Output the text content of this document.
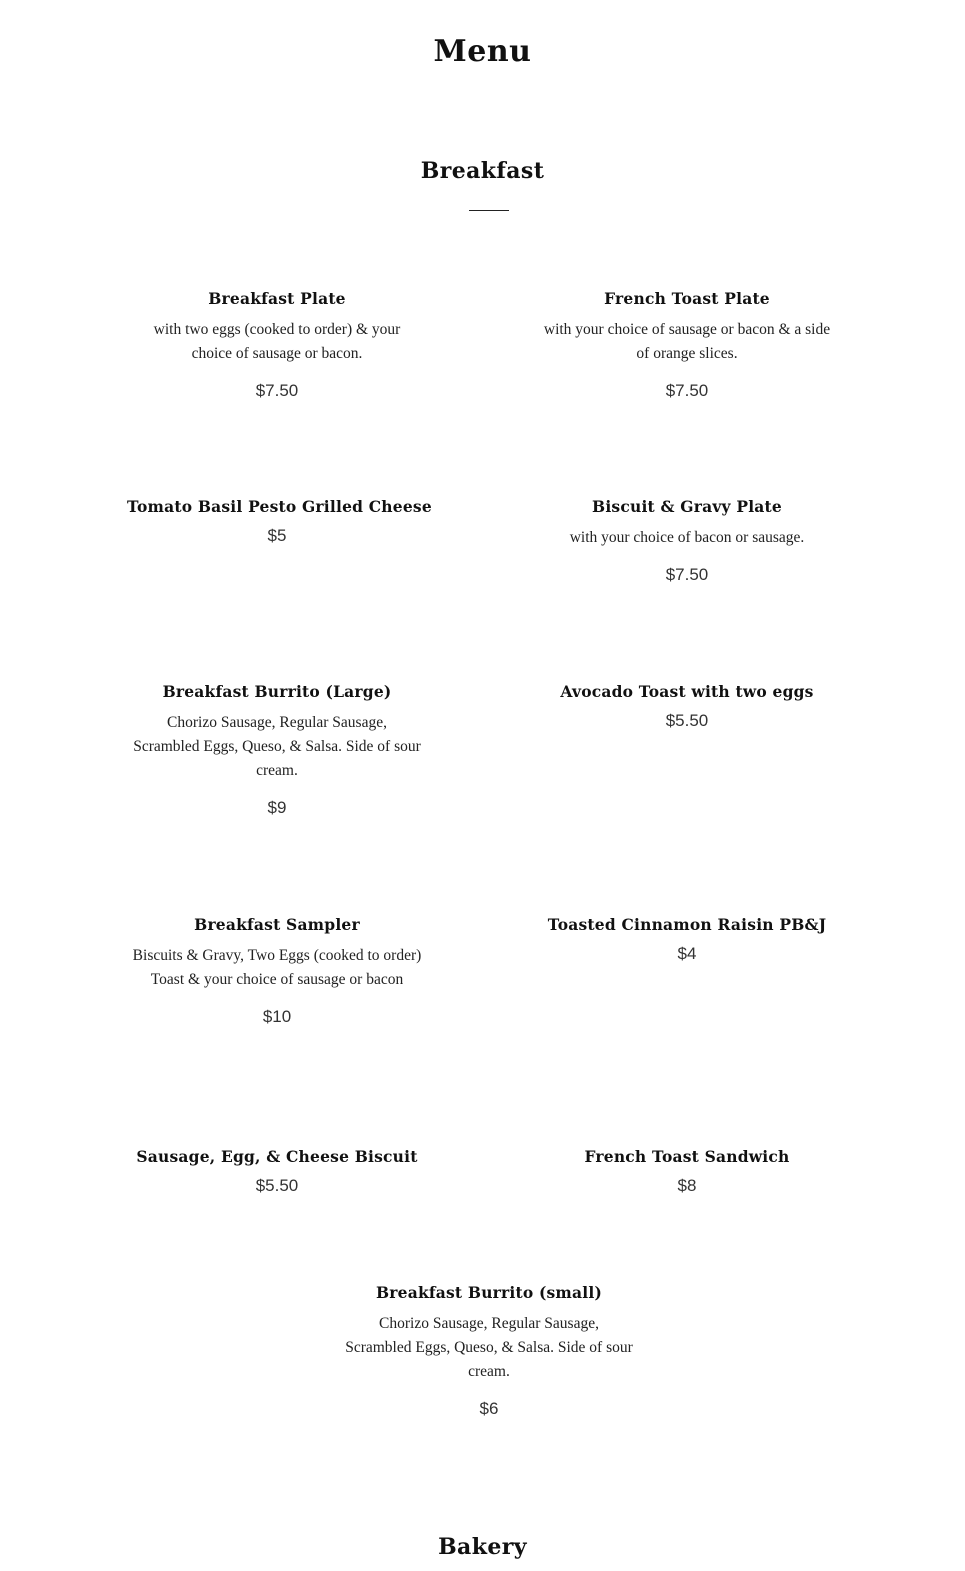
Menu
Breakfast

Breakfast Plate

with two eggs (cooked to order) & your choice of sausage or bacon.

$7.50

French Toast Plate

with your choice of sausage or bacon & a side of orange slices.

$7.50

Tomato Basil Pesto Grilled Cheese

$5

Biscuit & Gravy Plate

with your choice of bacon or sausage.

$7.50

Breakfast Burrito (Large)

Chorizo Sausage, Regular Sausage, Scrambled Eggs, Queso, & Salsa. Side of sour cream.

$9

Avocado Toast with two eggs

$5.50

Breakfast Sampler

Biscuits & Gravy, Two Eggs (cooked to order) Toast & your choice of sausage or bacon

$10

Toasted Cinnamon Raisin PB&J

$4

Sausage, Egg, & Cheese Biscuit

$5.50

French Toast Sandwich

$8

Breakfast Burrito (small)

Chorizo Sausage, Regular Sausage, Scrambled Eggs, Queso, & Salsa. Side of sour cream.

$6

Bakery
